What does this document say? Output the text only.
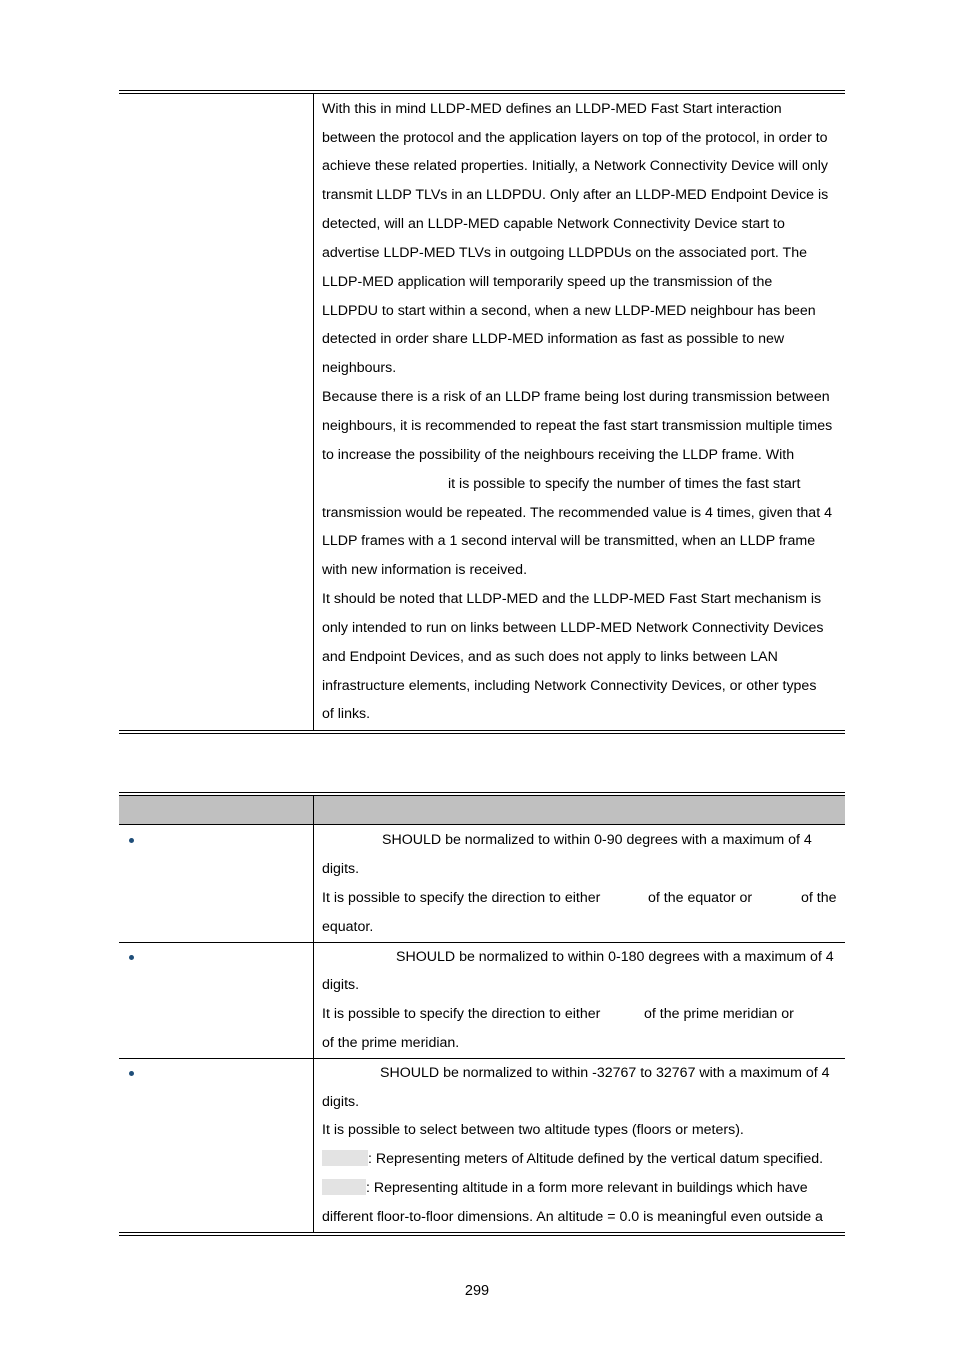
With this in mind LLDP-MED defines an LLDP-MED Fast Start interaction
between the protocol and the application layers on top of the protocol, in order to
achieve these related properties. Initially, a Network Connectivity Device will only
transmit LLDP TLVs in an LLDPDU. Only after an LLDP-MED Endpoint Device is
detected, will an LLDP-MED capable Network Connectivity Device start to
advertise LLDP-MED TLVs in outgoing LLDPDUs on the associated port. The
LLDP-MED application will temporarily speed up the transmission of the
LLDPDU to start within a second, when a new LLDP-MED neighbour has been
detected in order share LLDP-MED information as fast as possible to new
neighbours.
Because there is a risk of an LLDP frame being lost during transmission between
neighbours, it is recommended to repeat the fast start transmission multiple times
to increase the possibility of the neighbours receiving the LLDP frame. With
it is possible to specify the number of times the fast start
transmission would be repeated. The recommended value is 4 times, given that 4
LLDP frames with a 1 second interval will be transmitted, when an LLDP frame
with new information is received.
It should be noted that LLDP-MED and the LLDP-MED Fast Start mechanism is
only intended to run on links between LLDP-MED Network Connectivity Devices
and Endpoint Devices, and as such does not apply to links between LAN
infrastructure elements, including Network Connectivity Devices, or other types
of links.
SHOULD be normalized to within 0-90 degrees with a maximum of 4
digits.
It is possible to specify the direction to either	of the equator or	of the
equator.
SHOULD be normalized to within 0-180 degrees with a maximum of 4
digits.
It is possible to specify the direction to either	of the prime meridian or
of the prime meridian.
SHOULD be normalized to within -32767 to 32767 with a maximum of 4
digits.
It is possible to select between two altitude types (floors or meters).
: Representing meters of Altitude defined by the vertical datum specified.
: Representing altitude in a form more relevant in buildings which have
different floor-to-floor dimensions. An altitude = 0.0 is meaningful even outside a
299
